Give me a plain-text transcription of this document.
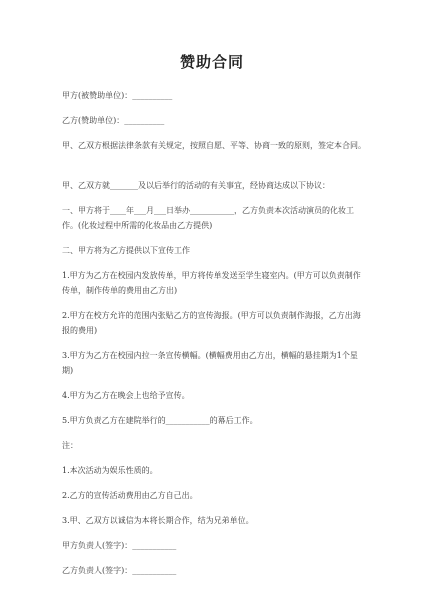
赞助合同

甲方(被赞助单位)：__________

乙方(赞助单位)：__________

甲、乙双方根据法律条款有关规定，按照自愿、平等、协商一致的原则，签定本合同。

甲、乙双方就_______及以后举行的活动的有关事宜，经协商达成以下协议：

一、甲方将于____年___月___日举办___________，乙方负责本次活动演员的化妆工作。(化妆过程中所需的化妆品由乙方提供)

二、甲方将为乙方提供以下宣传工作

1.甲方为乙方在校园内发放传单，甲方将传单发送至学生寝室内。(甲方可以负责制作传单，制作传单的费用由乙方出)

2.甲方在校方允许的范围内张贴乙方的宣传海报。(甲方可以负责制作海报，乙方出海报的费用)

3.甲方为乙方在校园内拉一条宣传横幅。(横幅费用由乙方出，横幅的悬挂期为1个星期)

4.甲方为乙方在晚会上也给予宣传。

5.甲方负责乙方在建院举行的___________的幕后工作。

注：

1.本次活动为娱乐性质的。

2.乙方的宣传活动费用由乙方自己出。

3.甲、乙双方以诚信为本将长期合作，结为兄弟单位。

甲方负责人(签字)：___________

乙方负责人(签字)：___________
